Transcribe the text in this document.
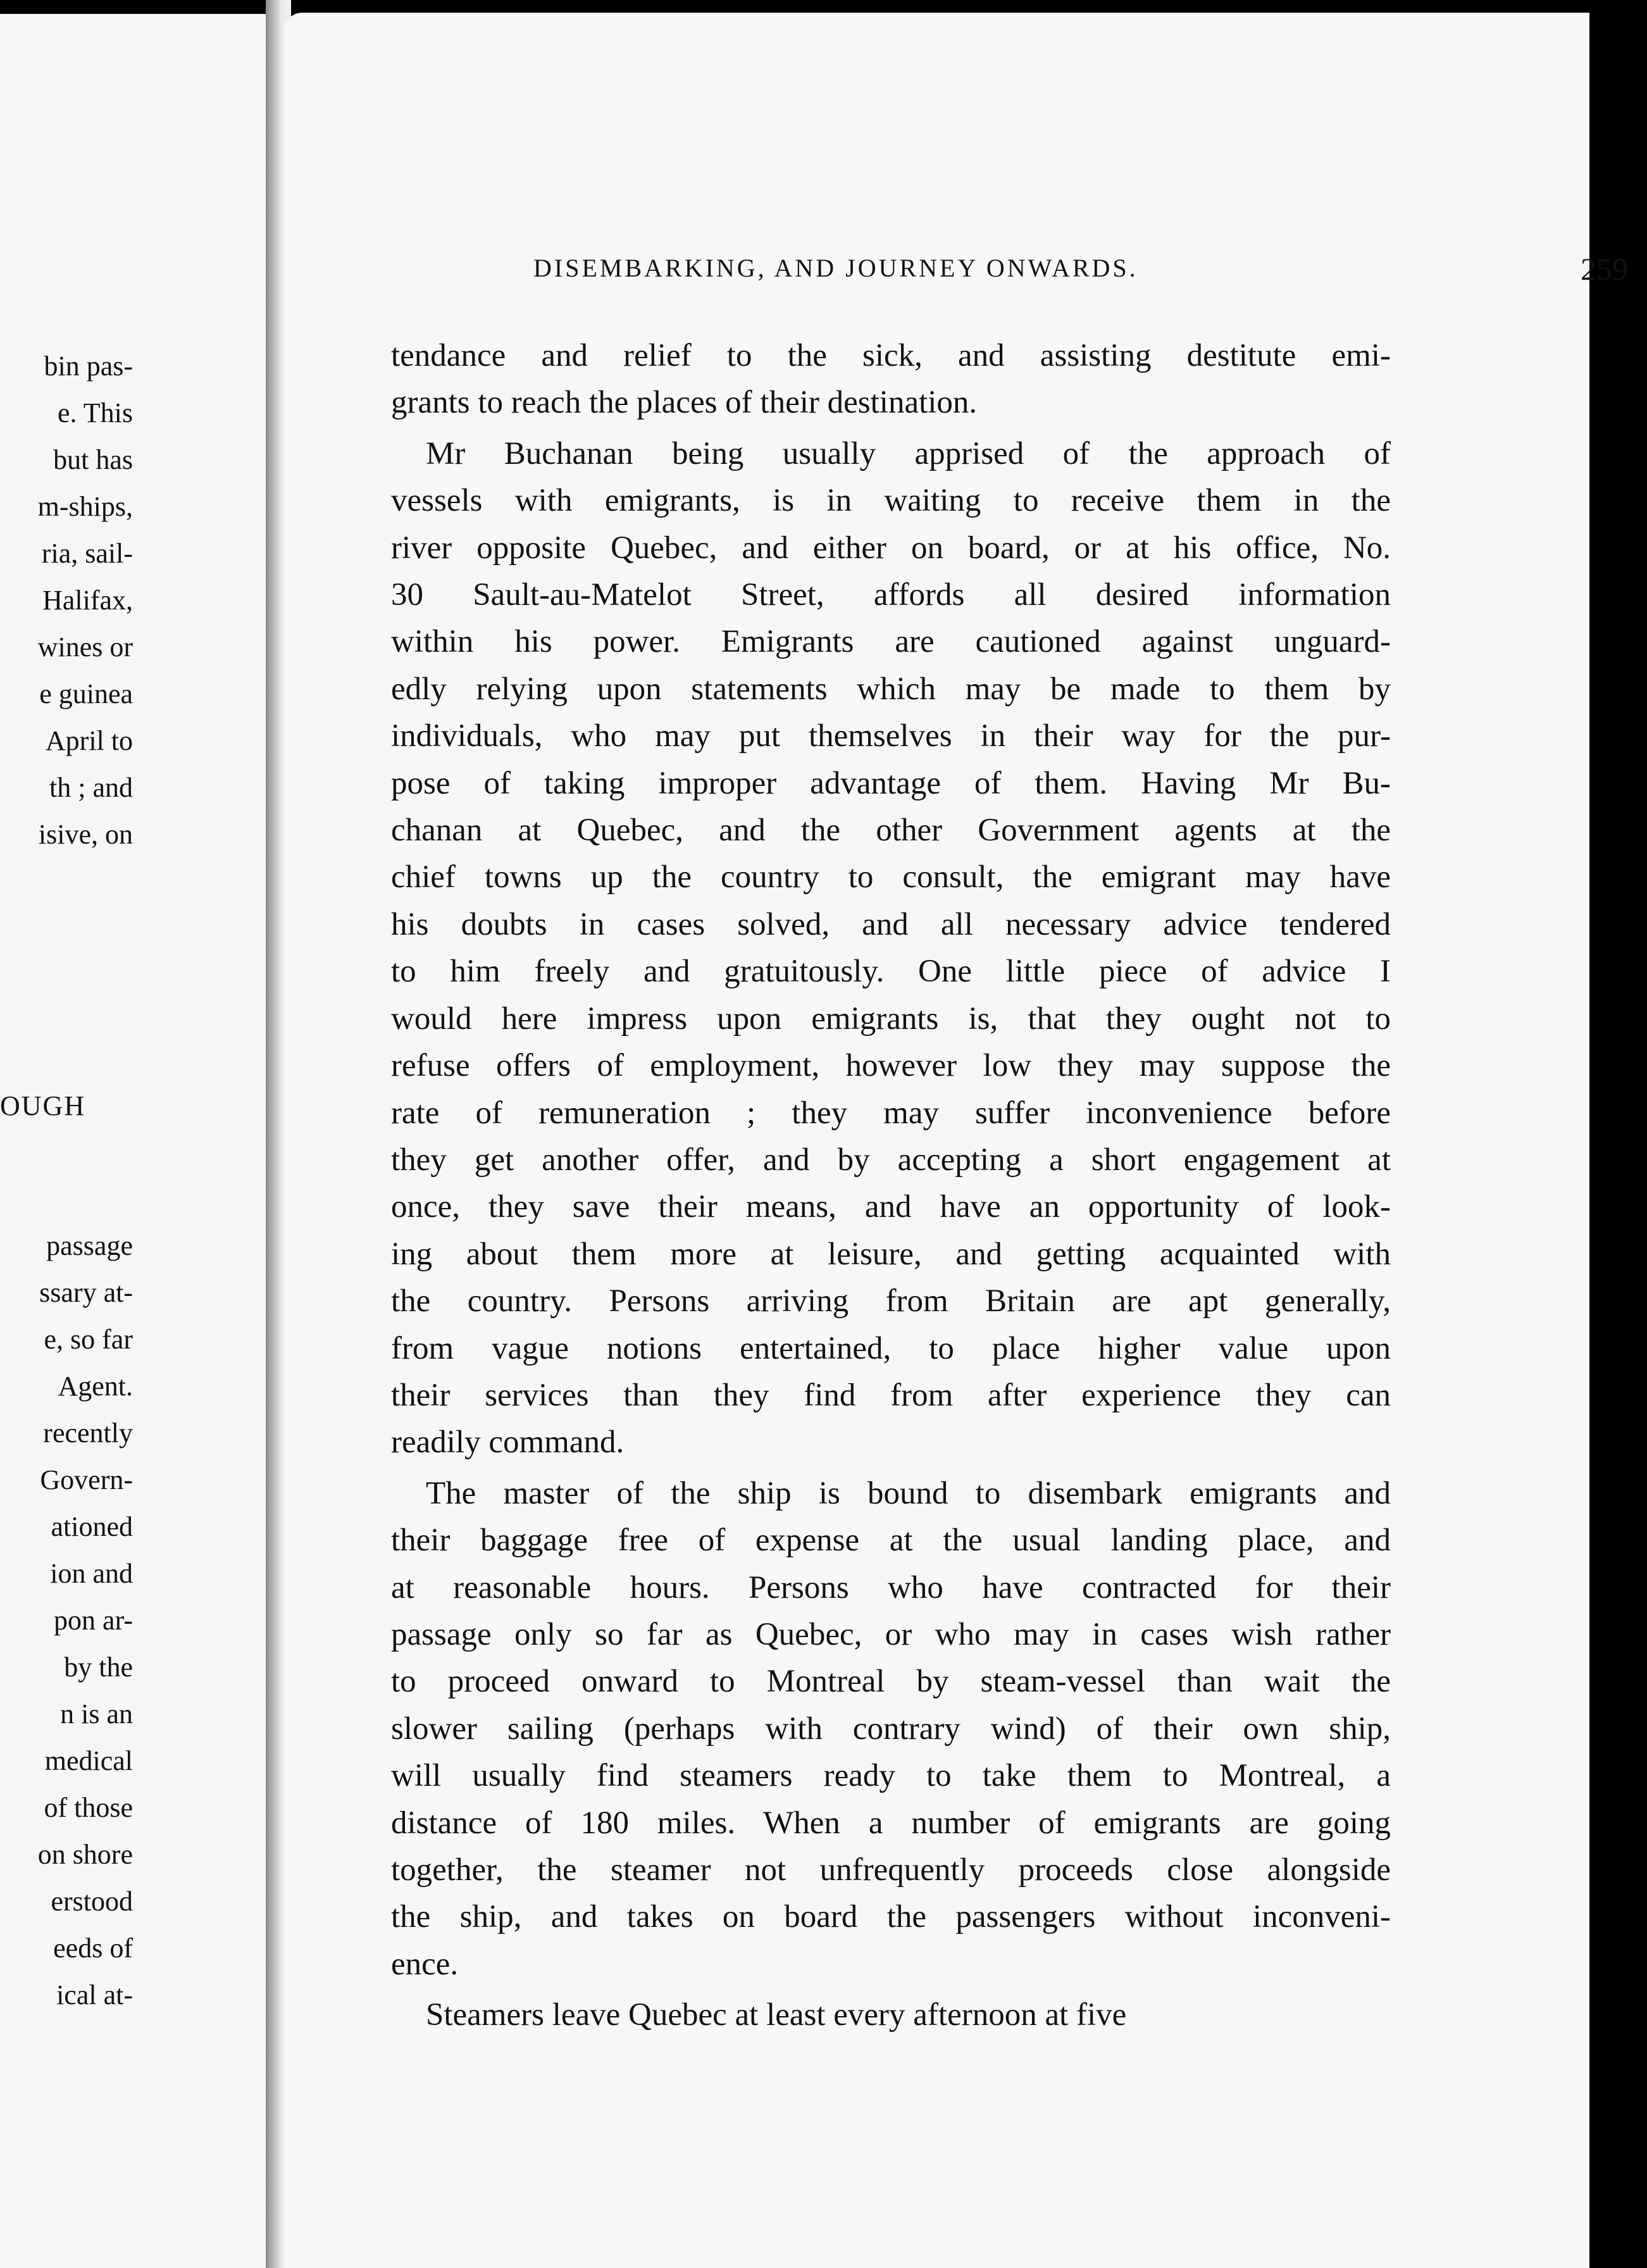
bin pas-
e. This
but has
m-ships,
ria, sail-
Halifax,
wines or
e guinea
April to
th ; and
isive, on
OUGH
passage
ssary at-
e, so far
Agent.
recently
Govern-
ationed
ion and
pon ar-
by the
n is an
medical
of those
on shore
erstood
eeds of
ical at-
DISEMBARKING, AND JOURNEY ONWARDS.	259

tendance and relief to the sick, and assisting destitute emi-
grants to reach the places of their destination.

Mr Buchanan being usually apprised of the approach of
vessels with emigrants, is in waiting to receive them in the
river opposite Quebec, and either on board, or at his office, No.
30 Sault-au-Matelot Street, affords all desired information
within his power. Emigrants are cautioned against unguard-
edly relying upon statements which may be made to them by
individuals, who may put themselves in their way for the pur-
pose of taking improper advantage of them. Having Mr Bu-
chanan at Quebec, and the other Government agents at the
chief towns up the country to consult, the emigrant may have
his doubts in cases solved, and all necessary advice tendered
to him freely and gratuitously. One little piece of advice I
would here impress upon emigrants is, that they ought not to
refuse offers of employment, however low they may suppose the
rate of remuneration ; they may suffer inconvenience before
they get another offer, and by accepting a short engagement at
once, they save their means, and have an opportunity of look-
ing about them more at leisure, and getting acquainted with
the country. Persons arriving from Britain are apt generally,
from vague notions entertained, to place higher value upon
their services than they find from after experience they can
readily command.

The master of the ship is bound to disembark emigrants and
their baggage free of expense at the usual landing place, and
at reasonable hours. Persons who have contracted for their
passage only so far as Quebec, or who may in cases wish rather
to proceed onward to Montreal by steam-vessel than wait the
slower sailing (perhaps with contrary wind) of their own ship,
will usually find steamers ready to take them to Montreal, a
distance of 180 miles. When a number of emigrants are going
together, the steamer not unfrequently proceeds close alongside
the ship, and takes on board the passengers without inconveni-
ence.

Steamers leave Quebec at least every afternoon at five
